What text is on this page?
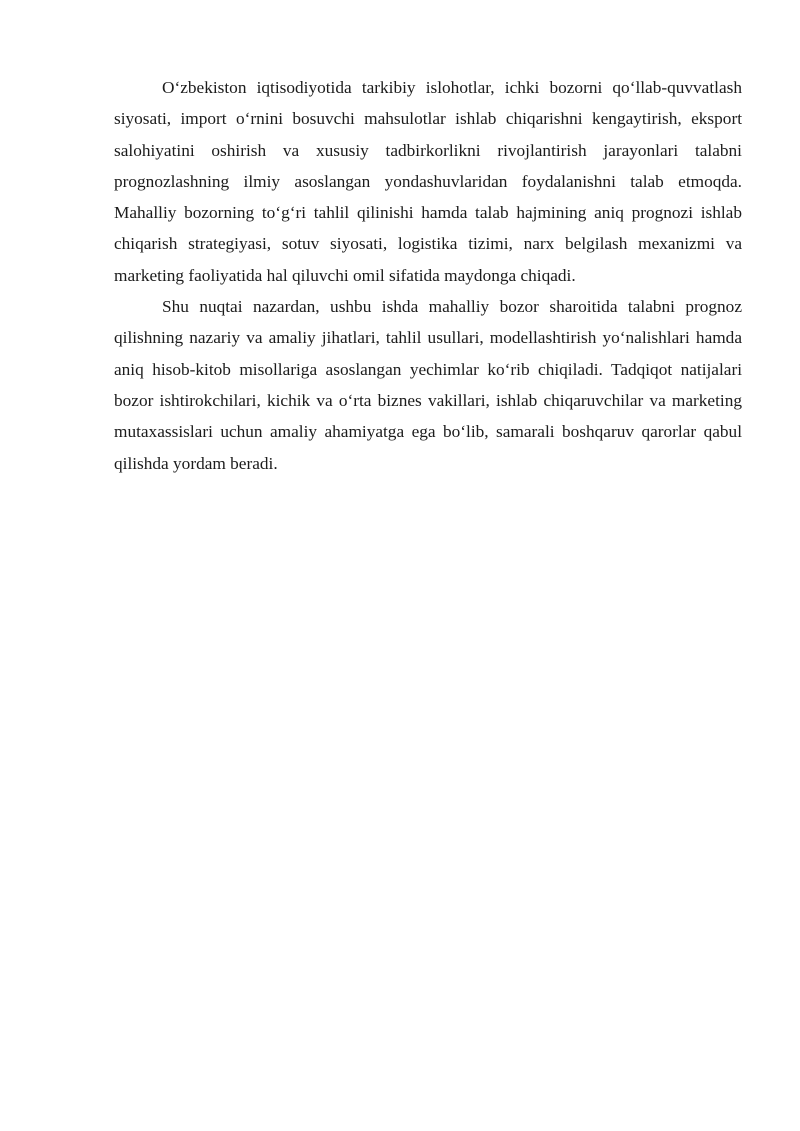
O‘zbekiston iqtisodiyotida tarkibiy islohotlar, ichki bozorni qo‘llab-quvvatlash siyosati, import o‘rnini bosuvchi mahsulotlar ishlab chiqarishni kengaytirish, eksport salohiyatini oshirish va xususiy tadbirkorlikni rivojlantirish jarayonlari talabni prognozlashning ilmiy asoslangan yondashuvlaridan foydalanishni talab etmoqda. Mahalliy bozorning to‘g‘ri tahlil qilinishi hamda talab hajmining aniq prognozi ishlab chiqarish strategiyasi, sotuv siyosati, logistika tizimi, narx belgilash mexanizmi va marketing faoliyatida hal qiluvchi omil sifatida maydonga chiqadi.

Shu nuqtai nazardan, ushbu ishda mahalliy bozor sharoitida talabni prognoz qilishning nazariy va amaliy jihatlari, tahlil usullari, modellashtirish yo‘nalishlari hamda aniq hisob-kitob misollariga asoslangan yechimlar ko‘rib chiqiladi. Tadqiqot natijalari bozor ishtirokchilari, kichik va o‘rta biznes vakillari, ishlab chiqaruvchilar va marketing mutaxassislari uchun amaliy ahamiyatga ega bo‘lib, samarali boshqaruv qarorlar qabul qilishda yordam beradi.
